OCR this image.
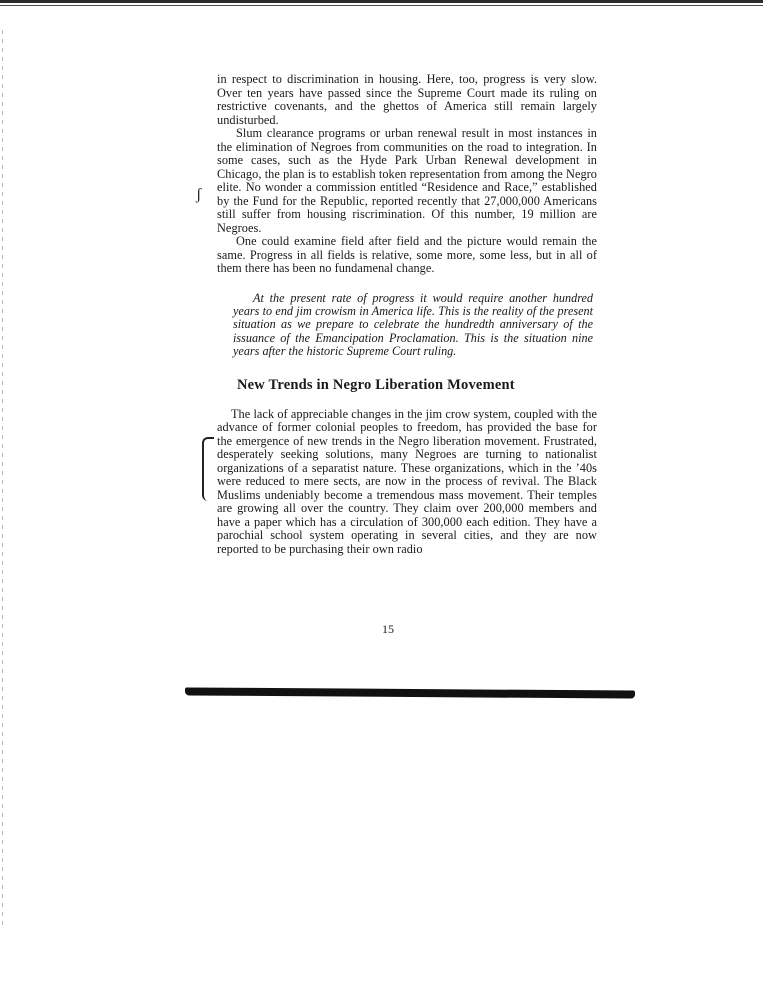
in respect to discrimination in housing. Here, too, progress is very slow. Over ten years have passed since the Supreme Court made its ruling on restrictive covenants, and the ghettos of America still remain largely undisturbed.

Slum clearance programs or urban renewal result in most instances in the elimination of Negroes from communities on the road to integration. In some cases, such as the Hyde Park Urban Renewal development in Chicago, the plan is to establish token representation from among the Negro elite. No wonder a commission entitled “Residence and Race,” established by the Fund for the Republic, reported recently that 27,000,000 Americans still suffer from housing riscrimination. Of this number, 19 million are Negroes.

One could examine field after field and the picture would remain the same. Progress in all fields is relative, some more, some less, but in all of them there has been no fundamenal change.

At the present rate of progress it would require another hundred years to end jim crowism in America life. This is the reality of the present situation as we prepare to celebrate the hundredth anniversary of the issuance of the Emancipation Proclamation. This is the situation nine years after the historic Supreme Court ruling.

New Trends in Negro Liberation Movement

The lack of appreciable changes in the jim crow system, coupled with the advance of former colonial peoples to freedom, has provided the base for the emergence of new trends in the Negro liberation movement. Frustrated, desperately seeking solutions, many Negroes are turning to nationalist organizations of a separatist nature. These organizations, which in the ’40s were reduced to mere sects, are now in the process of revival. The Black Muslims undeniably become a tremendous mass movement. Their temples are growing all over the country. They claim over 200,000 members and have a paper which has a circulation of 300,000 each edition. They have a parochial school system operating in several cities, and they are now reported to be purchasing their own radio

ʃ
15
